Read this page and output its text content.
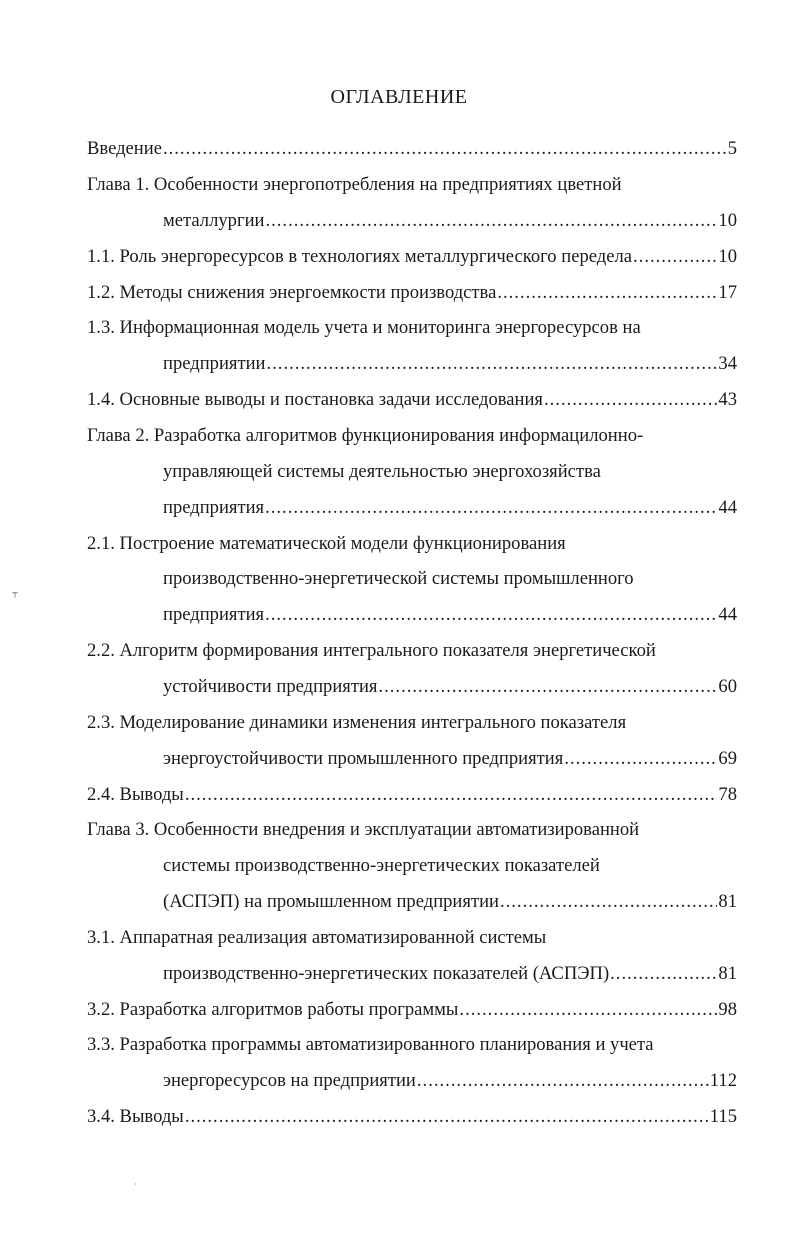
ОГЛАВЛЕНИЕ
Введение .....	5
Глава 1. Особенности энергопотребления на предприятиях цветной
металлургии .....	10
1.1. Роль энергоресурсов в технологиях металлургического передела .....	10
1.2. Методы снижения энергоемкости производства .....	17
1.3. Информационная модель учета и мониторинга энергоресурсов на
предприятии .....	34
1.4. Основные выводы и постановка задачи исследования .....	43
Глава 2. Разработка алгоритмов функционирования информацилонно-
управляющей системы деятельностью энергохозяйства
предприятия .....	44
2.1. Построение математической модели функционирования
производственно-энергетической системы промышленного
предприятия .....	44
2.2. Алгоритм формирования интегрального показателя энергетической
устойчивости предприятия .....	60
2.3. Моделирование динамики изменения интегрального показателя
энергоустойчивости промышленного предприятия .....	69
2.4. Выводы .....	78
Глава 3. Особенности внедрения и эксплуатации автоматизированной
системы производственно-энергетических показателей
(АСПЭП) на промышленном предприятии .....	81
3.1. Аппаратная реализация автоматизированной системы
производственно-энергетических показателей (АСПЭП) .....	81
3.2. Разработка алгоритмов работы программы .....	98
3.3. Разработка программы автоматизированного планирования и учета
энергоресурсов на предприятии .....	112
3.4. Выводы .....	115
⸆
·
